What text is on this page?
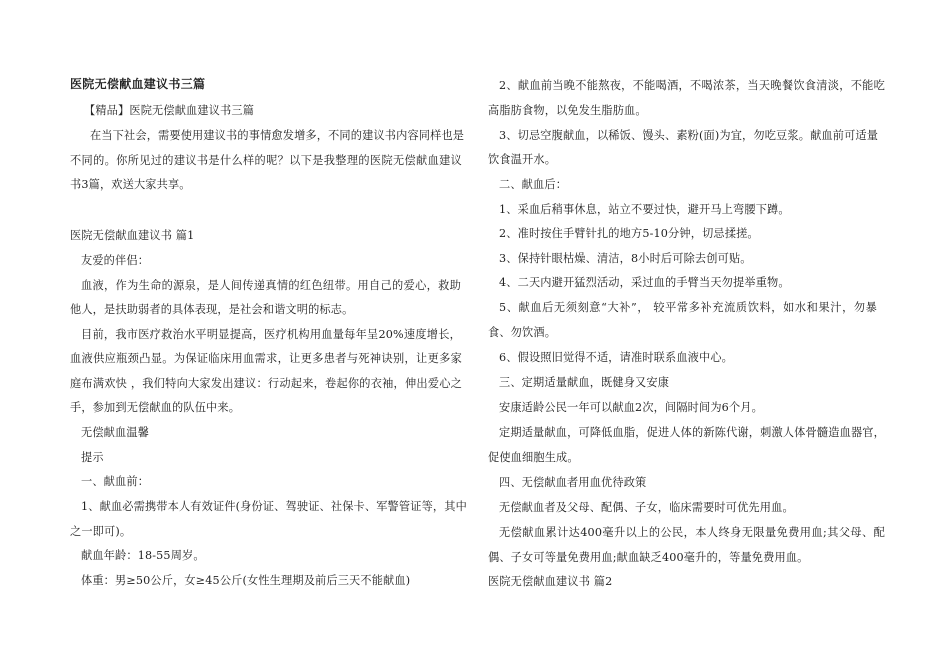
医院无偿献血建议书三篇
【精品】医院无偿献血建议书三篇
在当下社会，需要使用建议书的事情愈发增多，不同的建议书内容同样也是
不同的。你所见过的建议书是什么样的呢？以下是我整理的医院无偿献血建议
书3篇，欢送大家共享。
医院无偿献血建议书 篇1
友爱的伴侣：
血液，作为生命的源泉，是人间传递真情的红色纽带。用自己的爱心，救助
他人，是扶助弱者的具体表现，是社会和谐文明的标志。
目前，我市医疗救治水平明显提高，医疗机构用血量每年呈20%速度增长，
血液供应瓶颈凸显。为保证临床用血需求，让更多患者与死神诀别，让更多家
庭布满欢快 ，我们特向大家发出建议：行动起来，卷起你的衣袖，伸出爱心之
手，参加到无偿献血的队伍中来。
无偿献血温馨
提示
一、献血前：
1、献血必需携带本人有效证件(身份证、驾驶证、社保卡、军警管证等，其中
之一即可)。
献血年龄：18-55周岁。
体重：男≥50公斤，女≥45公斤(女性生理期及前后三天不能献血)
2、献血前当晚不能熬夜，不能喝酒，不喝浓茶，当天晚餐饮食清淡，不能吃
高脂肪食物，以免发生脂肪血。
3、切忌空腹献血，以稀饭、馒头、素粉(面)为宜，勿吃豆浆。献血前可适量
饮食温开水。
二、献血后：
1、采血后稍事休息，站立不要过快，避开马上弯腰下蹲。
2、准时按住手臂针扎的地方5-10分钟，切忌揉搓。
3、保持针眼枯燥、清洁，8小时后可除去创可贴。
4、二天内避开猛烈活动，采过血的手臂当天勿提举重物。
5、献血后无须刻意“大补”， 较平常多补充流质饮料，如水和果汁，勿暴
食、勿饮酒。
6、假设照旧觉得不适，请准时联系血液中心。
三、定期适量献血，既健身又安康
安康适龄公民一年可以献血2次，间隔时间为6个月。
定期适量献血，可降低血脂，促进人体的新陈代谢，刺激人体骨髓造血器官，
促使血细胞生成。
四、无偿献血者用血优待政策
无偿献血者及父母、配偶、子女，临床需要时可优先用血。
无偿献血累计达400毫升以上的公民，本人终身无限量免费用血;其父母、配
偶、子女可等量免费用血;献血缺乏400毫升的，等量免费用血。
医院无偿献血建议书 篇2
